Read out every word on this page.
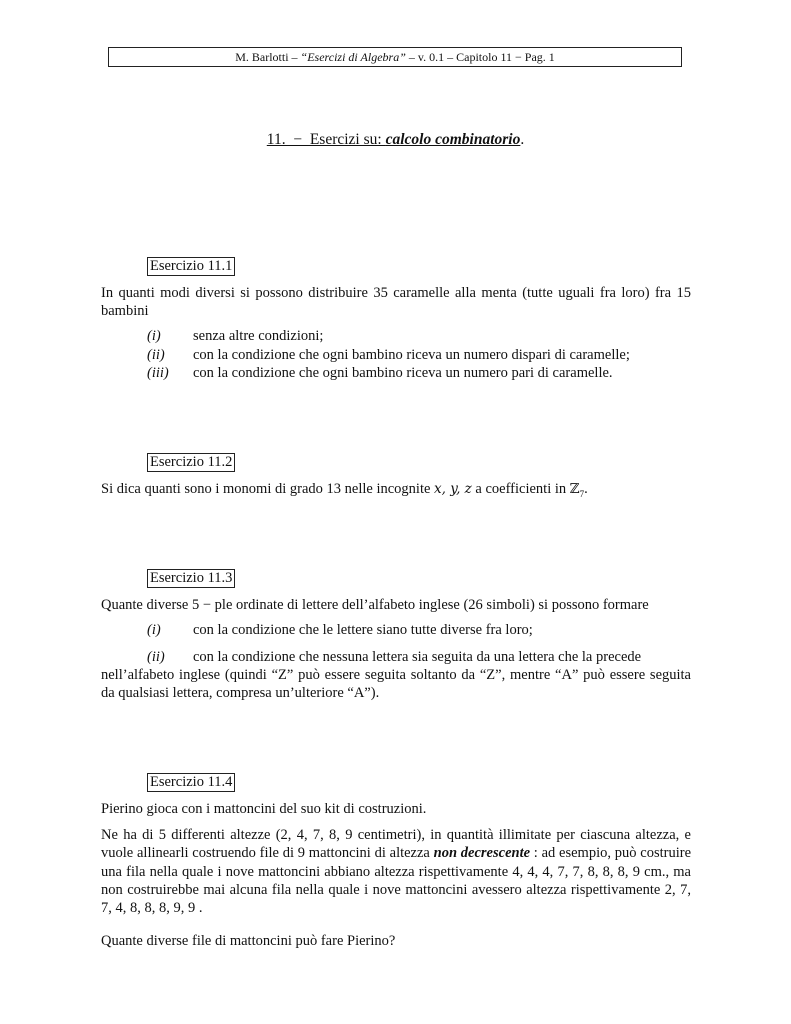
M. Barlotti – “Esercizi di Algebra” – v. 0.1 – Capitolo 11 − Pag. 1
11.  −  Esercizi su: calcolo combinatorio.
Esercizio 11.1
In quanti modi diversi si possono distribuire 35 caramelle alla menta (tutte uguali fra loro) fra 15 bambini
(i) senza altre condizioni;
(ii) con la condizione che ogni bambino riceva un numero dispari di caramelle;
(iii) con la condizione che ogni bambino riceva un numero pari di caramelle.
Esercizio 11.2
Si dica quanti sono i monomi di grado 13 nelle incognite x, y, z a coefficienti in ℤ$_7$.
Esercizio 11.3
Quante diverse 5 − ple ordinate di lettere dell’alfabeto inglese (26 simboli) si possono formare
(i) con la condizione che le lettere siano tutte diverse fra loro;
(ii) con la condizione che nessuna lettera sia seguita da una lettera che la precede
nell’alfabeto inglese (quindi “Z” può essere seguita soltanto da “Z”, mentre “A” può essere seguita da qualsiasi lettera, compresa un’ulteriore “A”).
Esercizio 11.4
Pierino gioca con i mattoncini del suo kit di costruzioni.
Ne ha di 5 differenti altezze (2, 4, 7, 8, 9 centimetri), in quantità illimitate per ciascuna altezza, e vuole allinearli costruendo file di 9 mattoncini di altezza non decrescente : ad esempio, può costruire una fila nella quale i nove mattoncini abbiano altezza rispettivamente 4, 4, 4, 7, 7, 8, 8, 8, 9 cm., ma non costruirebbe mai alcuna fila nella quale i nove mattoncini avessero altezza rispettivamente 2, 7, 7, 4, 8, 8, 8, 9, 9 .
Quante diverse file di mattoncini può fare Pierino?
